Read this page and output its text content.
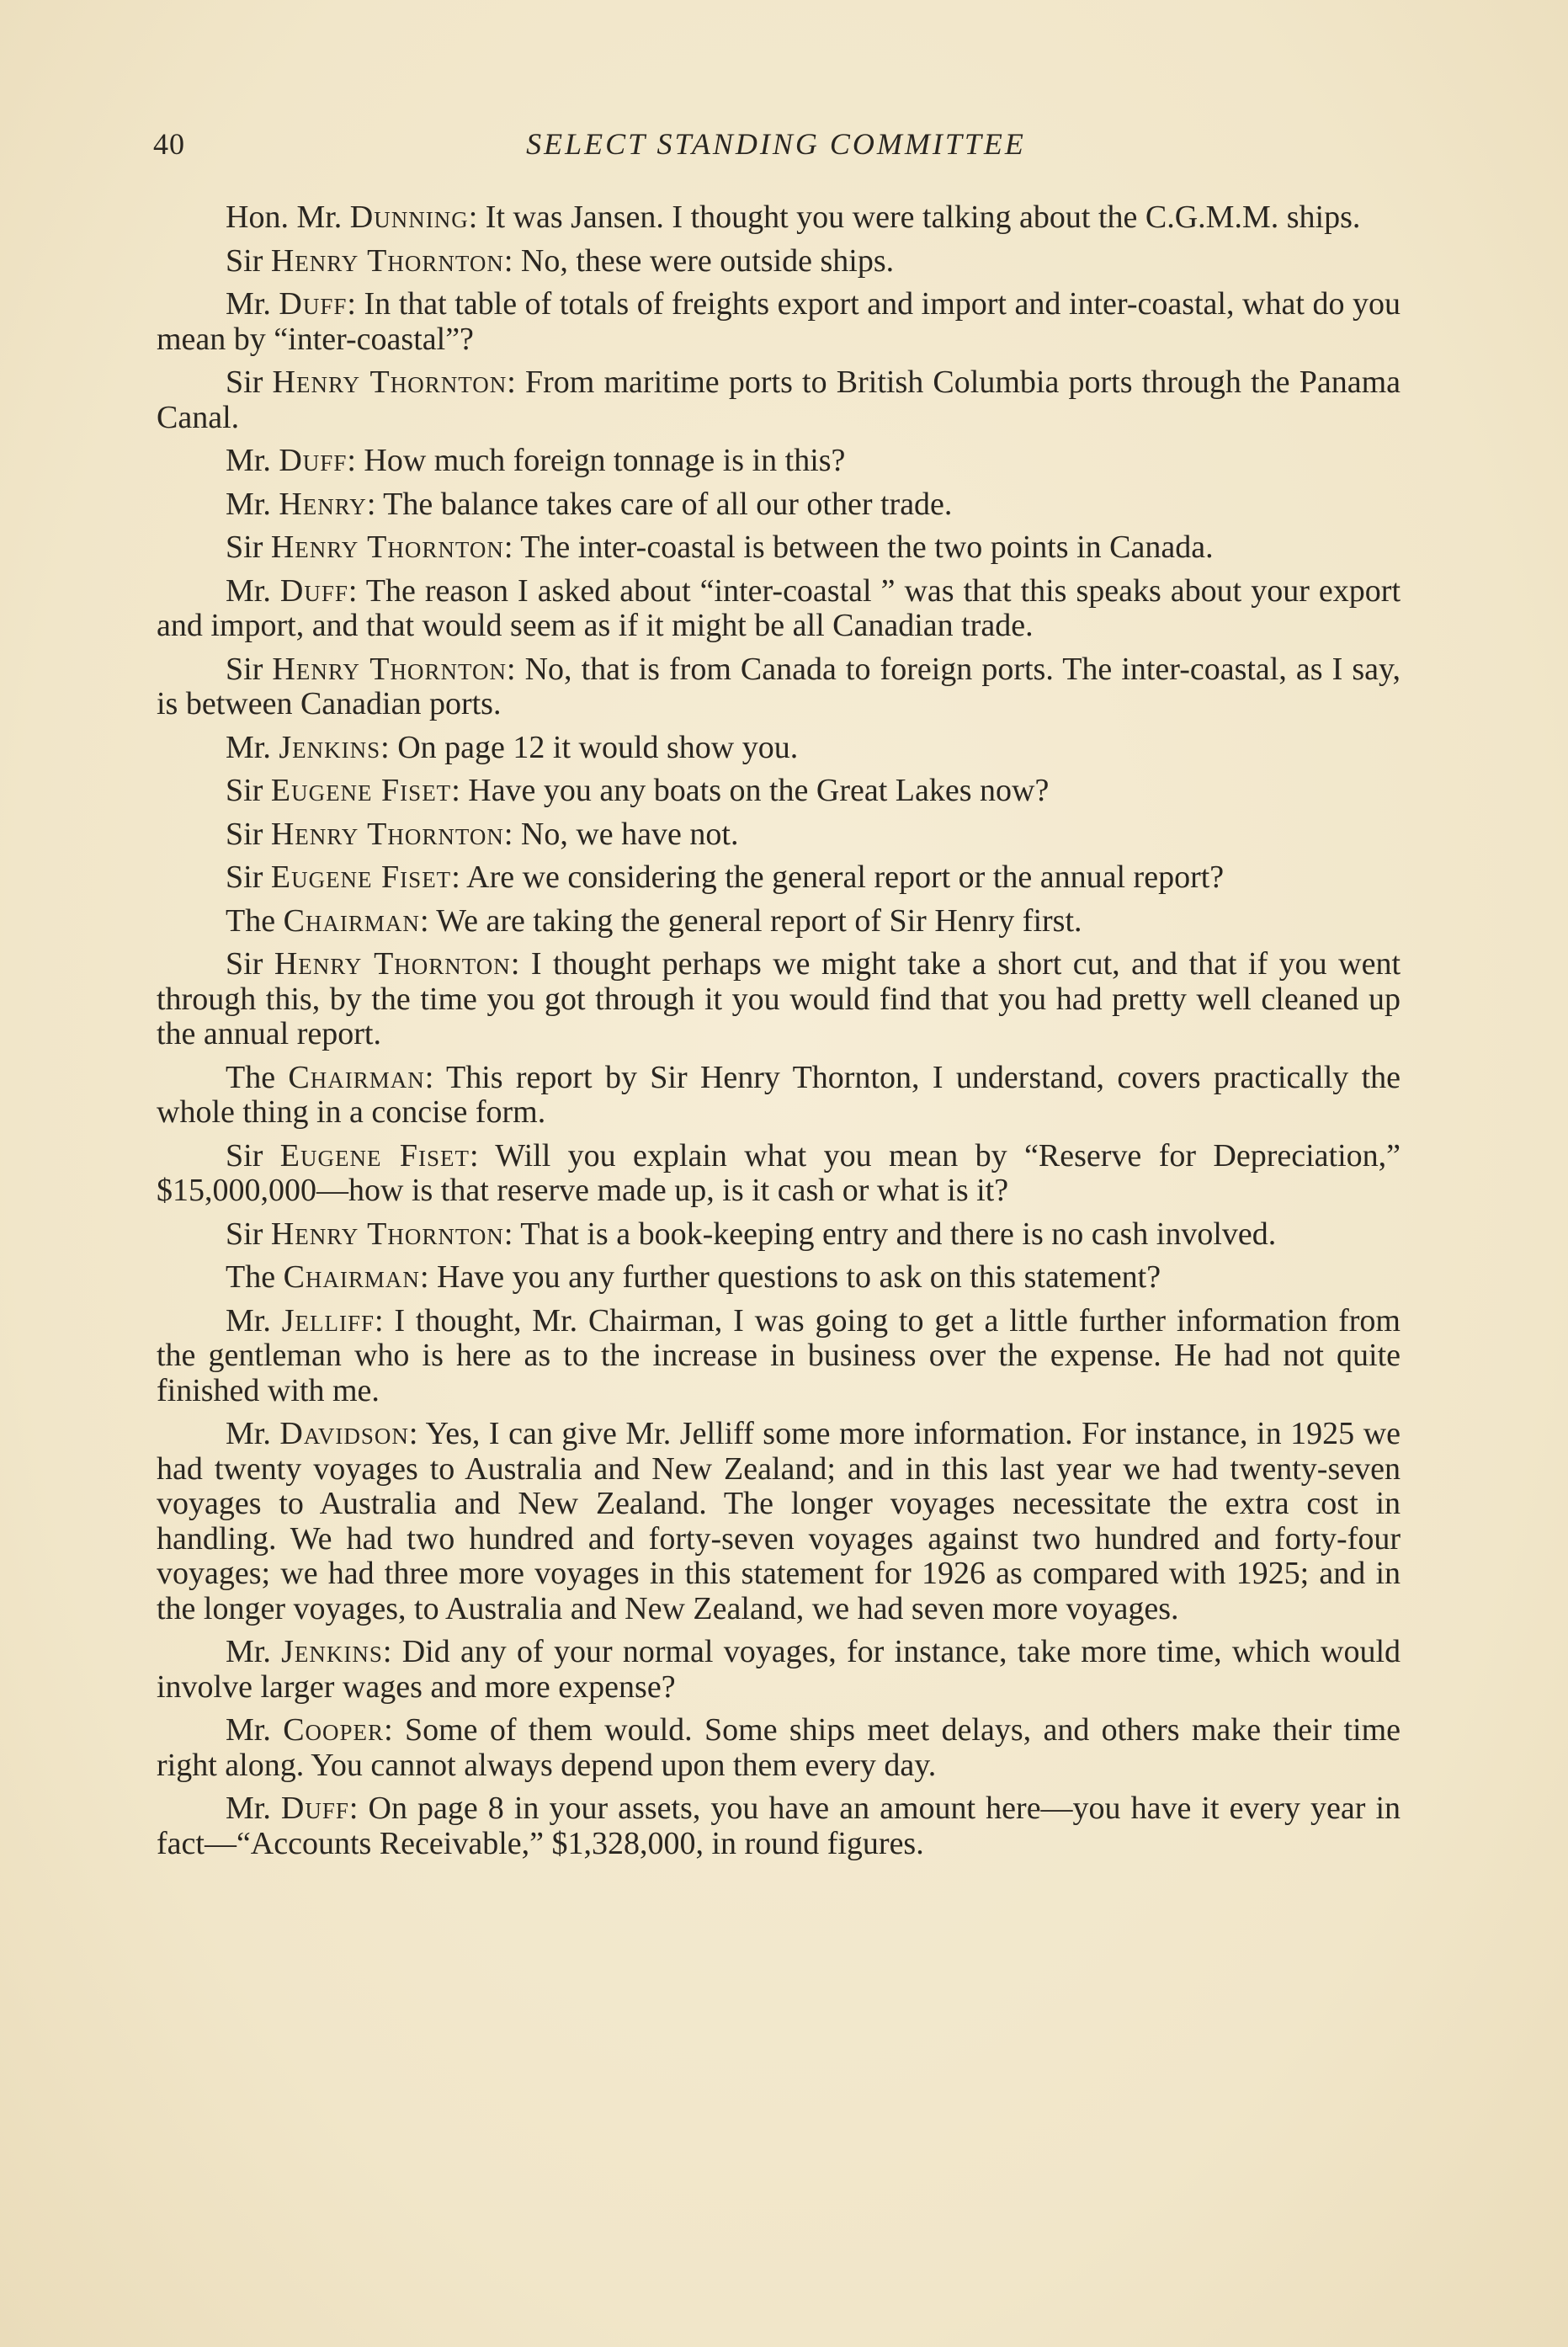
40	SELECT STANDING COMMITTEE

Hon. Mr. Dunning: It was Jansen. I thought you were talking about the C.G.M.M. ships.

Sir Henry Thornton: No, these were outside ships.

Mr. Duff: In that table of totals of freights export and import and inter-coastal, what do you mean by “inter-coastal”?

Sir Henry Thornton: From maritime ports to British Columbia ports through the Panama Canal.

Mr. Duff: How much foreign tonnage is in this?

Mr. Henry: The balance takes care of all our other trade.

Sir Henry Thornton: The inter-coastal is between the two points in Canada.

Mr. Duff: The reason I asked about “inter-coastal ” was that this speaks about your export and import, and that would seem as if it might be all Canadian trade.

Sir Henry Thornton: No, that is from Canada to foreign ports. The inter-coastal, as I say, is between Canadian ports.

Mr. Jenkins: On page 12 it would show you.

Sir Eugene Fiset: Have you any boats on the Great Lakes now?

Sir Henry Thornton: No, we have not.

Sir Eugene Fiset: Are we considering the general report or the annual report?

The Chairman: We are taking the general report of Sir Henry first.

Sir Henry Thornton: I thought perhaps we might take a short cut, and that if you went through this, by the time you got through it you would find that you had pretty well cleaned up the annual report.

The Chairman: This report by Sir Henry Thornton, I understand, covers practically the whole thing in a concise form.

Sir Eugene Fiset: Will you explain what you mean by “Reserve for Depreciation,” $15,000,000—how is that reserve made up, is it cash or what is it?

Sir Henry Thornton: That is a book-keeping entry and there is no cash involved.

The Chairman: Have you any further questions to ask on this statement?

Mr. Jelliff: I thought, Mr. Chairman, I was going to get a little further information from the gentleman who is here as to the increase in business over the expense. He had not quite finished with me.

Mr. Davidson: Yes, I can give Mr. Jelliff some more information. For instance, in 1925 we had twenty voyages to Australia and New Zealand; and in this last year we had twenty-seven voyages to Australia and New Zealand. The longer voyages necessitate the extra cost in handling. We had two hundred and forty-seven voyages against two hundred and forty-four voyages; we had three more voyages in this statement for 1926 as compared with 1925; and in the longer voyages, to Australia and New Zealand, we had seven more voyages.

Mr. Jenkins: Did any of your normal voyages, for instance, take more time, which would involve larger wages and more expense?

Mr. Cooper: Some of them would. Some ships meet delays, and others make their time right along. You cannot always depend upon them every day.

Mr. Duff: On page 8 in your assets, you have an amount here—you have it every year in fact—“Accounts Receivable,” $1,328,000, in round figures.
